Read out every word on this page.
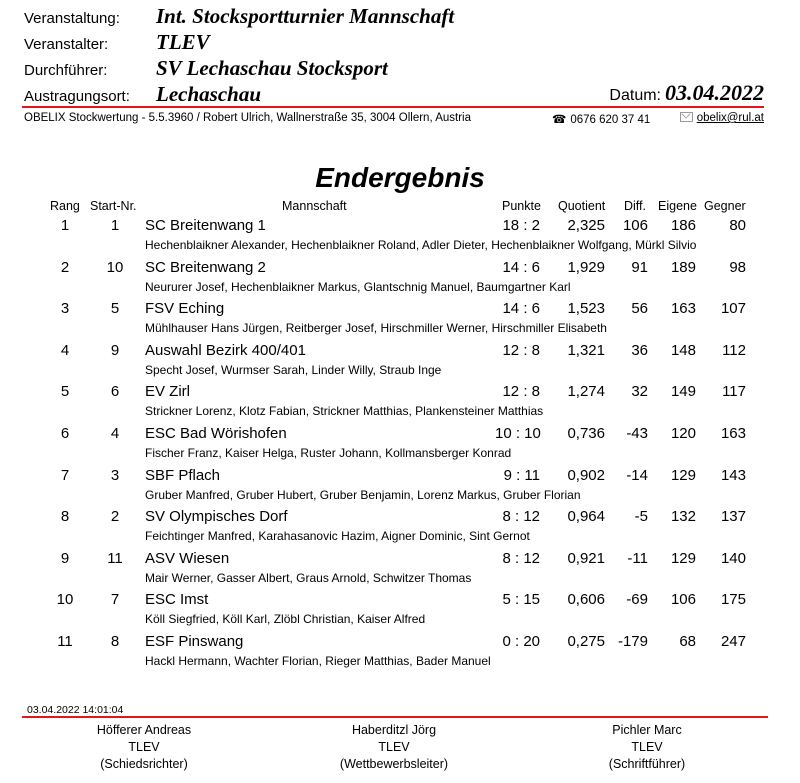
Veranstaltung:	Int. Stocksportturnier Mannschaft
Veranstalter:	TLEV
Durchführer:	SV Lechaschau Stocksport
Austragungsort:	Lechaschau	Datum: 03.04.2022
OBELIX Stockwertung - 5.5.3960 / Robert Ulrich, Wallnerstraße 35, 3004 Ollern, Austria	☎ 0676 620 37 41	obelix@rul.at
Endergebnis
Rang Start-Nr.	Mannschaft	Punkte Quotient Diff. Eigene Gegner
1	1	SC Breitenwang 1	18 : 2	2,325	106	186	80
Hechenblaikner Alexander, Hechenblaikner Roland, Adler Dieter, Hechenblaikner Wolfgang, Mürkl Silvio
2	10	SC Breitenwang 2	14 : 6	1,929	91	189	98
Neururer Josef, Hechenblaikner Markus, Glantschnig Manuel, Baumgartner Karl
3	5	FSV Eching	14 : 6	1,523	56	163	107
Mühlhauser Hans Jürgen, Reitberger Josef, Hirschmiller Werner, Hirschmiller Elisabeth
4	9	Auswahl Bezirk 400/401	12 : 8	1,321	36	148	112
Specht Josef, Wurmser Sarah, Linder Willy, Straub Inge
5	6	EV Zirl	12 : 8	1,274	32	149	117
Strickner Lorenz, Klotz Fabian, Strickner Matthias, Plankensteiner Matthias
6	4	ESC Bad Wörishofen	10 : 10	0,736	-43	120	163
Fischer Franz, Kaiser Helga, Ruster Johann, Kollmansberger Konrad
7	3	SBF Pflach	9 : 11	0,902	-14	129	143
Gruber Manfred, Gruber Hubert, Gruber Benjamin, Lorenz Markus, Gruber Florian
8	2	SV Olympisches Dorf	8 : 12	0,964	-5	132	137
Feichtinger Manfred, Karahasanovic Hazim, Aigner Dominic, Sint Gernot
9	11	ASV Wiesen	8 : 12	0,921	-11	129	140
Mair Werner, Gasser Albert, Graus Arnold, Schwitzer Thomas
10	7	ESC Imst	5 : 15	0,606	-69	106	175
Köll Siegfried, Köll Karl, Zlöbl Christian, Kaiser Alfred
11	8	ESF Pinswang	0 : 20	0,275 -179	68	247
Hackl Hermann, Wachter Florian, Rieger Matthias, Bader Manuel
03.04.2022 14:01:04
Höfferer Andreas
TLEV
(Schiedsrichter)
Haberditzl Jörg
TLEV
(Wettbewerbsleiter)
Pichler Marc
TLEV
(Schriftführer)
